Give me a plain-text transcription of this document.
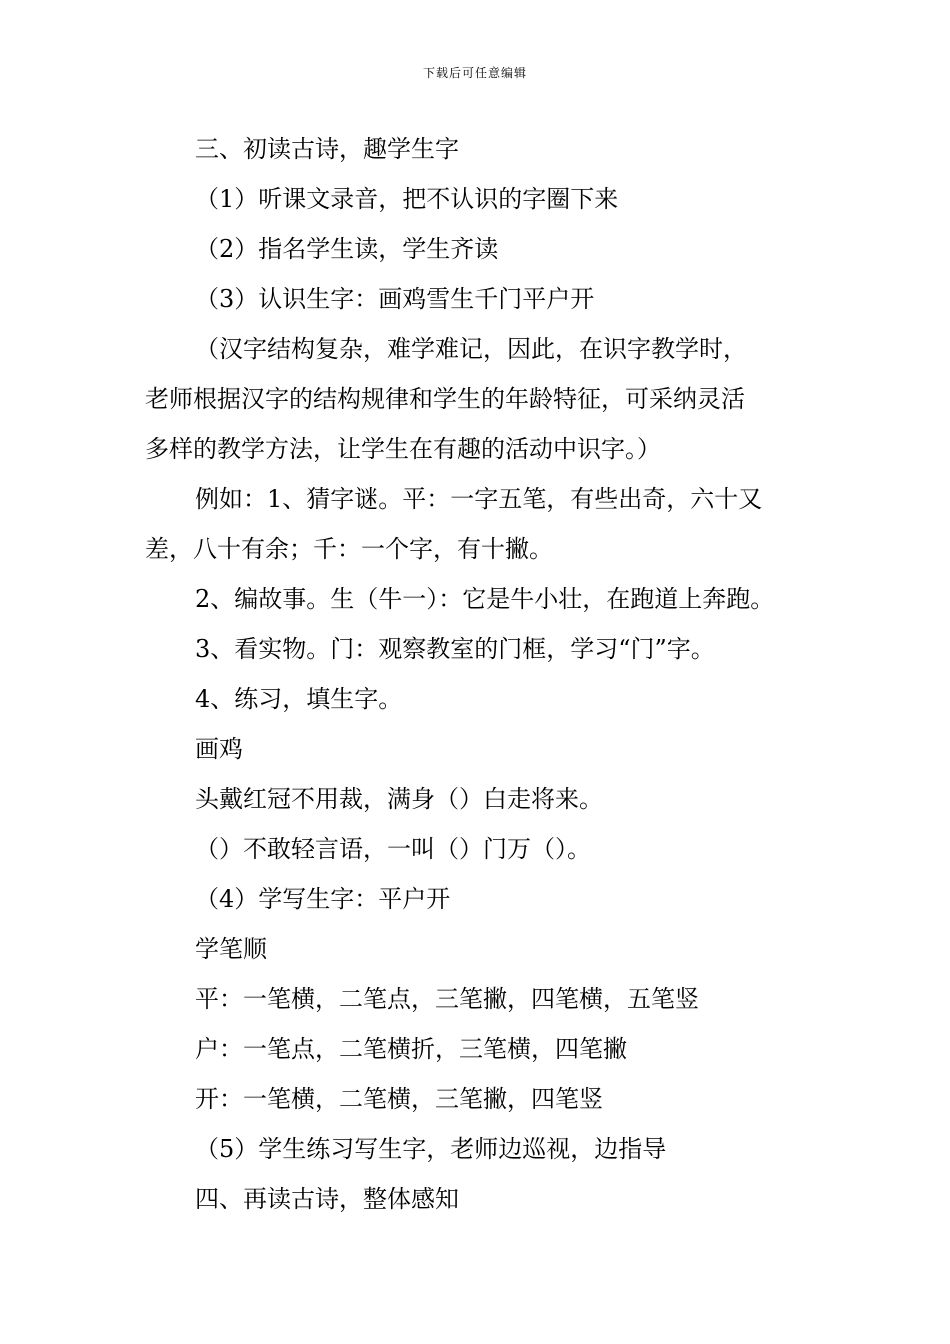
下载后可任意编辑
三、初读古诗，趣学生字
（1）听课文录音，把不认识的字圈下来
（2）指名学生读，学生齐读
（3）认识生字：画鸡雪生千门平户开
（汉字结构复杂，难学难记，因此，在识字教学时，
老师根据汉字的结构规律和学生的年龄特征，可采纳灵活
多样的教学方法，让学生在有趣的活动中识字。）
例如：1、猜字谜。平：一字五笔，有些出奇，六十又
差，八十有余；千：一个字，有十撇。
2、编故事。生（牛一）：它是牛小壮，在跑道上奔跑。
3、看实物。门：观察教室的门框，学习“门”字。
4、练习，填生字。
画鸡
头戴红冠不用裁，满身（）白走将来。
（）不敢轻言语，一叫（）门万（）。
（4）学写生字：平户开
学笔顺
平：一笔横，二笔点，三笔撇，四笔横，五笔竖
户：一笔点，二笔横折，三笔横，四笔撇
开：一笔横，二笔横，三笔撇，四笔竖
（5）学生练习写生字，老师边巡视，边指导
四、再读古诗，整体感知
